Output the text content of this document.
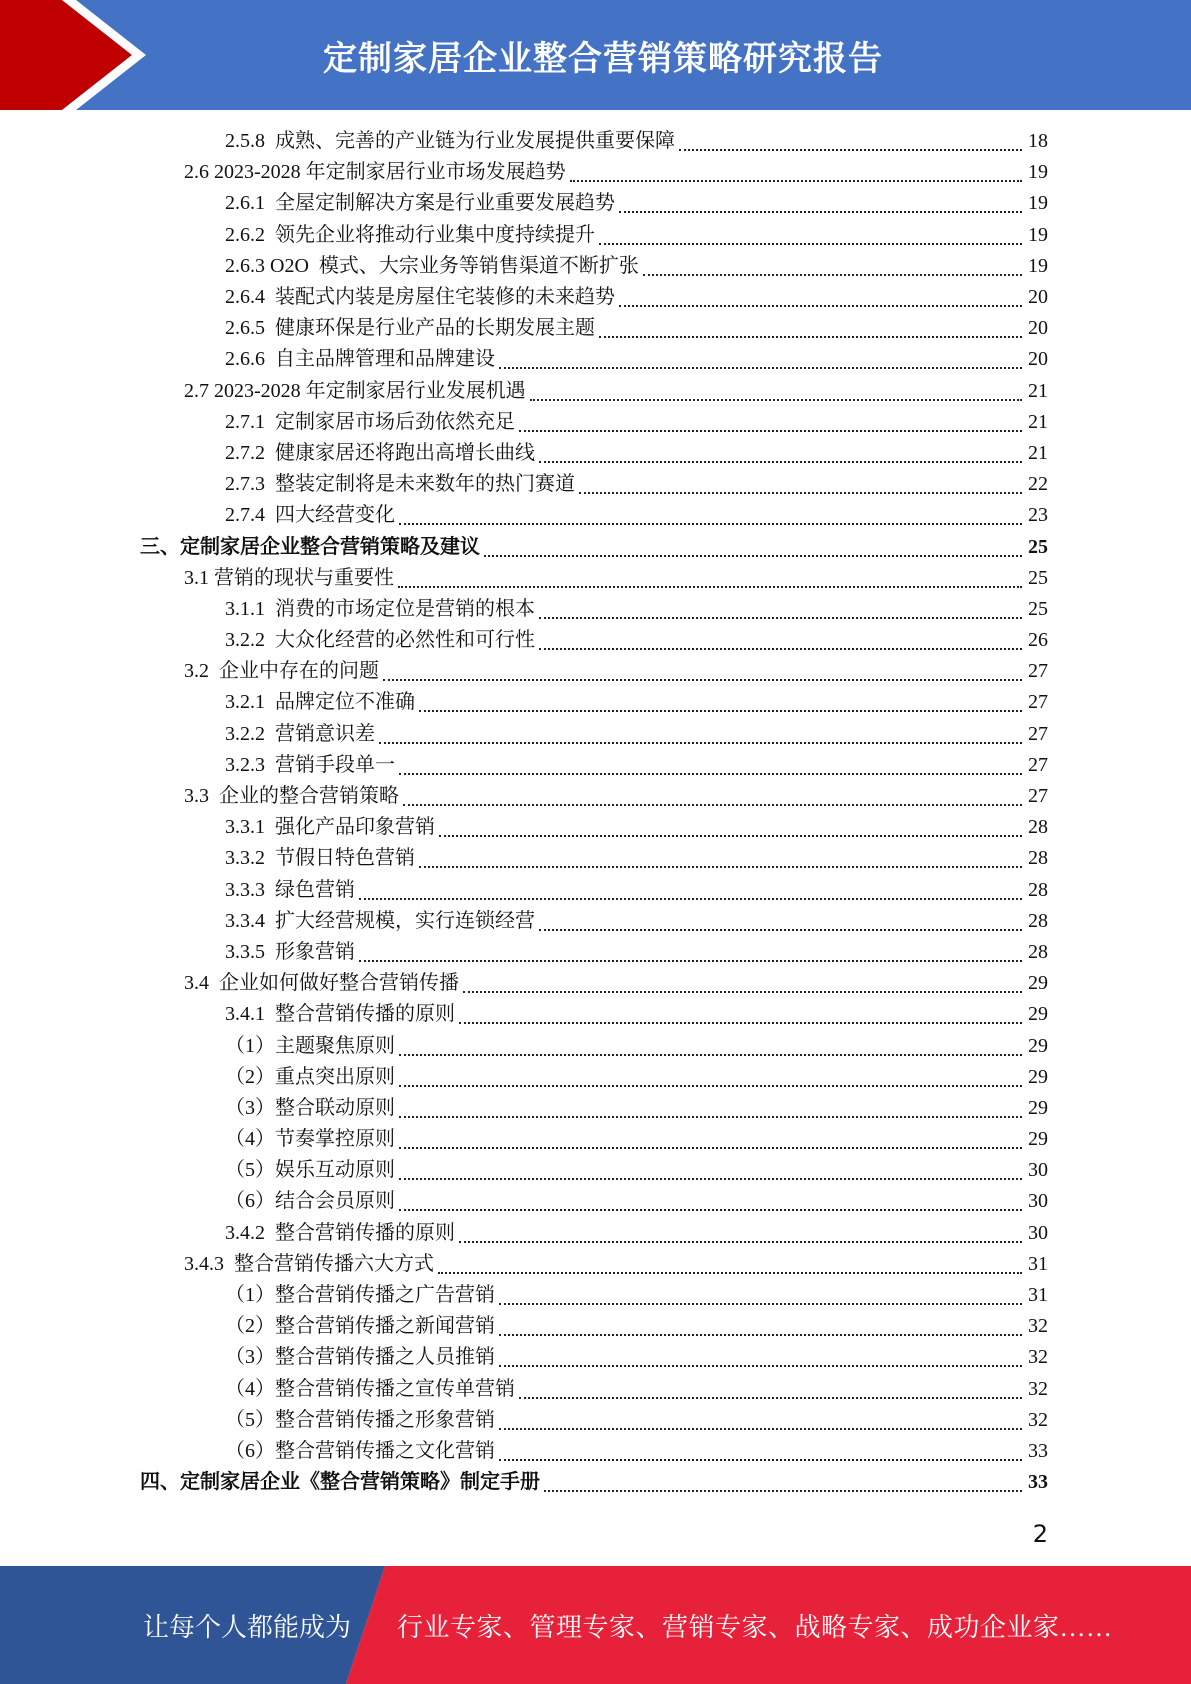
定制家居企业整合营销策略研究报告
2.5.8  成熟、完善的产业链为行业发展提供重要保障	18
2.6 2023-2028 年定制家居行业市场发展趋势	19
2.6.1  全屋定制解决方案是行业重要发展趋势	19
2.6.2  领先企业将推动行业集中度持续提升	19
2.6.3 O2O  模式、大宗业务等销售渠道不断扩张	19
2.6.4  装配式内装是房屋住宅装修的未来趋势	20
2.6.5  健康环保是行业产品的长期发展主题	20
2.6.6  自主品牌管理和品牌建设	20
2.7 2023-2028 年定制家居行业发展机遇	21
2.7.1  定制家居市场后劲依然充足	21
2.7.2  健康家居还将跑出高增长曲线	21
2.7.3  整装定制将是未来数年的热门赛道	22
2.7.4  四大经营变化	23
三、定制家居企业整合营销策略及建议	25
3.1 营销的现状与重要性	25
3.1.1  消费的市场定位是营销的根本	25
3.2.2  大众化经营的必然性和可行性	26
3.2  企业中存在的问题	27
3.2.1  品牌定位不准确	27
3.2.2  营销意识差	27
3.2.3  营销手段单一	27
3.3  企业的整合营销策略	27
3.3.1  强化产品印象营销	28
3.3.2  节假日特色营销	28
3.3.3  绿色营销	28
3.3.4  扩大经营规模，实行连锁经营	28
3.3.5  形象营销	28
3.4  企业如何做好整合营销传播	29
3.4.1  整合营销传播的原则	29
（1）主题聚焦原则	29
（2）重点突出原则	29
（3）整合联动原则	29
（4）节奏掌控原则	29
（5）娱乐互动原则	30
（6）结合会员原则	30
3.4.2  整合营销传播的原则	30
3.4.3  整合营销传播六大方式	31
（1）整合营销传播之广告营销	31
（2）整合营销传播之新闻营销	32
（3）整合营销传播之人员推销	32
（4）整合营销传播之宣传单营销	32
（5）整合营销传播之形象营销	32
（6）整合营销传播之文化营销	33
四、定制家居企业《整合营销策略》制定手册	33
2
让每个人都能成为 行业专家、管理专家、营销专家、战略专家、成功企业家……
